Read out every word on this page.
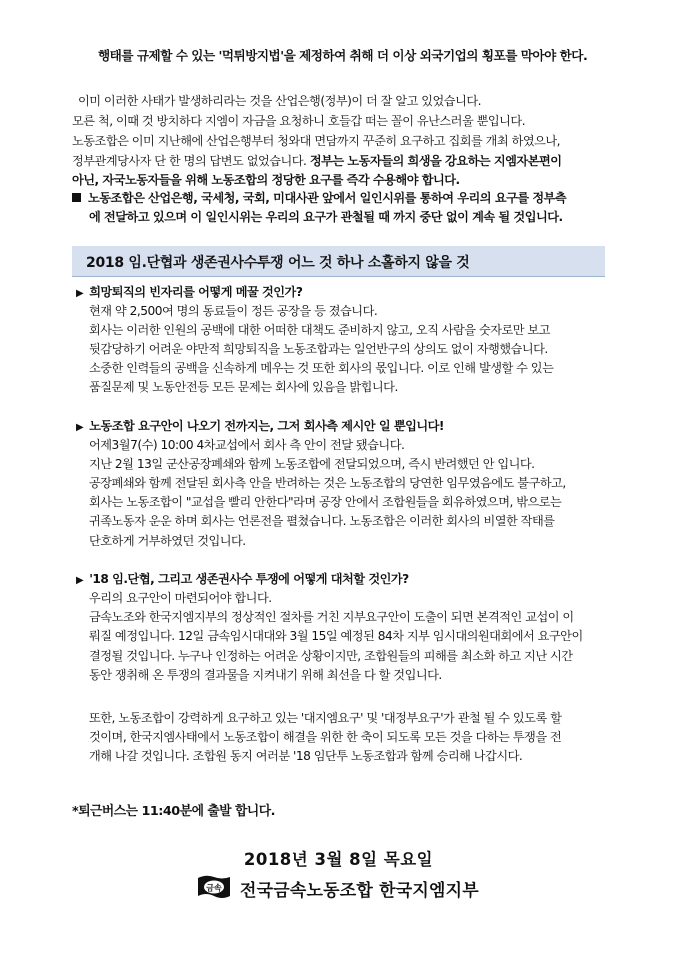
행태를 규제할 수 있는 '먹튀방지법'을 제정하여 취해 더 이상 외국기업의 횡포를 막아야 한다.
이미 이러한 사태가 발생하리라는 것을 산업은행(정부)이 더 잘 알고 있었습니다.
모른 척, 이때 것 방치하다 지엠이 자금을 요청하니 호들갑 떠는 꼴이 유난스러울 뿐입니다.
노동조합은 이미 지난해에 산업은행부터 청와대 면담까지 꾸준히 요구하고 집회를 개최 하였으나,
정부관계당사자 단 한 명의 답변도 없었습니다. 정부는 노동자들의 희생을 강요하는 지엠자본편이
아닌, 자국노동자들을 위해 노동조합의 정당한 요구를 즉각 수용해야 합니다.
노동조합은 산업은행, 국세청, 국회, 미대사관 앞에서 일인시위를 통하여 우리의 요구를 정부측
에 전달하고 있으며 이 일인시위는 우리의 요구가 관철될 때 까지 중단 없이 계속 될 것입니다.
2018 임.단협과 생존권사수투쟁 어느 것 하나 소홀하지 않을 것
▶ 희망퇴직의 빈자리를 어떻게 메꿀 것인가?
현재 약 2,500여 명의 동료들이 정든 공장을 등 졌습니다.
회사는 이러한 인원의 공백에 대한 어떠한 대책도 준비하지 않고, 오직 사람을 숫자로만 보고
뒷감당하기 어려운 야만적 희망퇴직을 노동조합과는 일언반구의 상의도 없이 자행했습니다.
소중한 인력들의 공백을 신속하게 메우는 것 또한 회사의 몫입니다. 이로 인해 발생할 수 있는
품질문제 및 노동안전등 모든 문제는 회사에 있음을 밝힙니다.
▶ 노동조합 요구안이 나오기 전까지는, 그저 회사측 제시안 일 뿐입니다!
어제3월7(수) 10:00 4차교섭에서 회사 측 안이 전달 됐습니다.
지난 2월 13일 군산공장폐쇄와 함께 노동조합에 전달되었으며, 즉시 반려했던 안 입니다.
공장폐쇄와 함께 전달된 회사측 안을 반려하는 것은 노동조합의 당연한 임무였음에도 불구하고,
회사는 노동조합이 "교섭을 빨리 안한다"라며 공장 안에서 조합원들을 회유하였으며, 밖으로는
귀족노동자 운운 하며 회사는 언론전을 펼쳤습니다. 노동조합은 이러한 회사의 비열한 작태를
단호하게 거부하였던 것입니다.
▶ '18 임.단협, 그리고 생존권사수 투쟁에 어떻게 대처할 것인가?
우리의 요구안이 마련되어야 합니다.
금속노조와 한국지엠지부의 정상적인 절차를 거친 지부요구안이 도출이 되면 본격적인 교섭이 이
뤄질 예정입니다. 12일 금속임시대대와 3월 15일 예정된 84차 지부 임시대의원대회에서 요구안이
결정될 것입니다. 누구나 인정하는 어려운 상황이지만, 조합원들의 피해를 최소화 하고 지난 시간
동안 쟁취해 온 투쟁의 결과물을 지켜내기 위해 최선을 다 할 것입니다.
또한, 노동조합이 강력하게 요구하고 있는 '대지엠요구' 및 '대정부요구'가 관철 될 수 있도록 할
것이며, 한국지엠사태에서 노동조합이 해결을 위한 한 축이 되도록 모든 것을 다하는 투쟁을 전
개해 나갈 것입니다. 조합원 동지 여러분 '18 임단투 노동조합과 함께 승리해 나갑시다.
*퇴근버스는 11:40분에 출발 합니다.
2018년 3월 8일 목요일
금속 전국금속노동조합 한국지엠지부
